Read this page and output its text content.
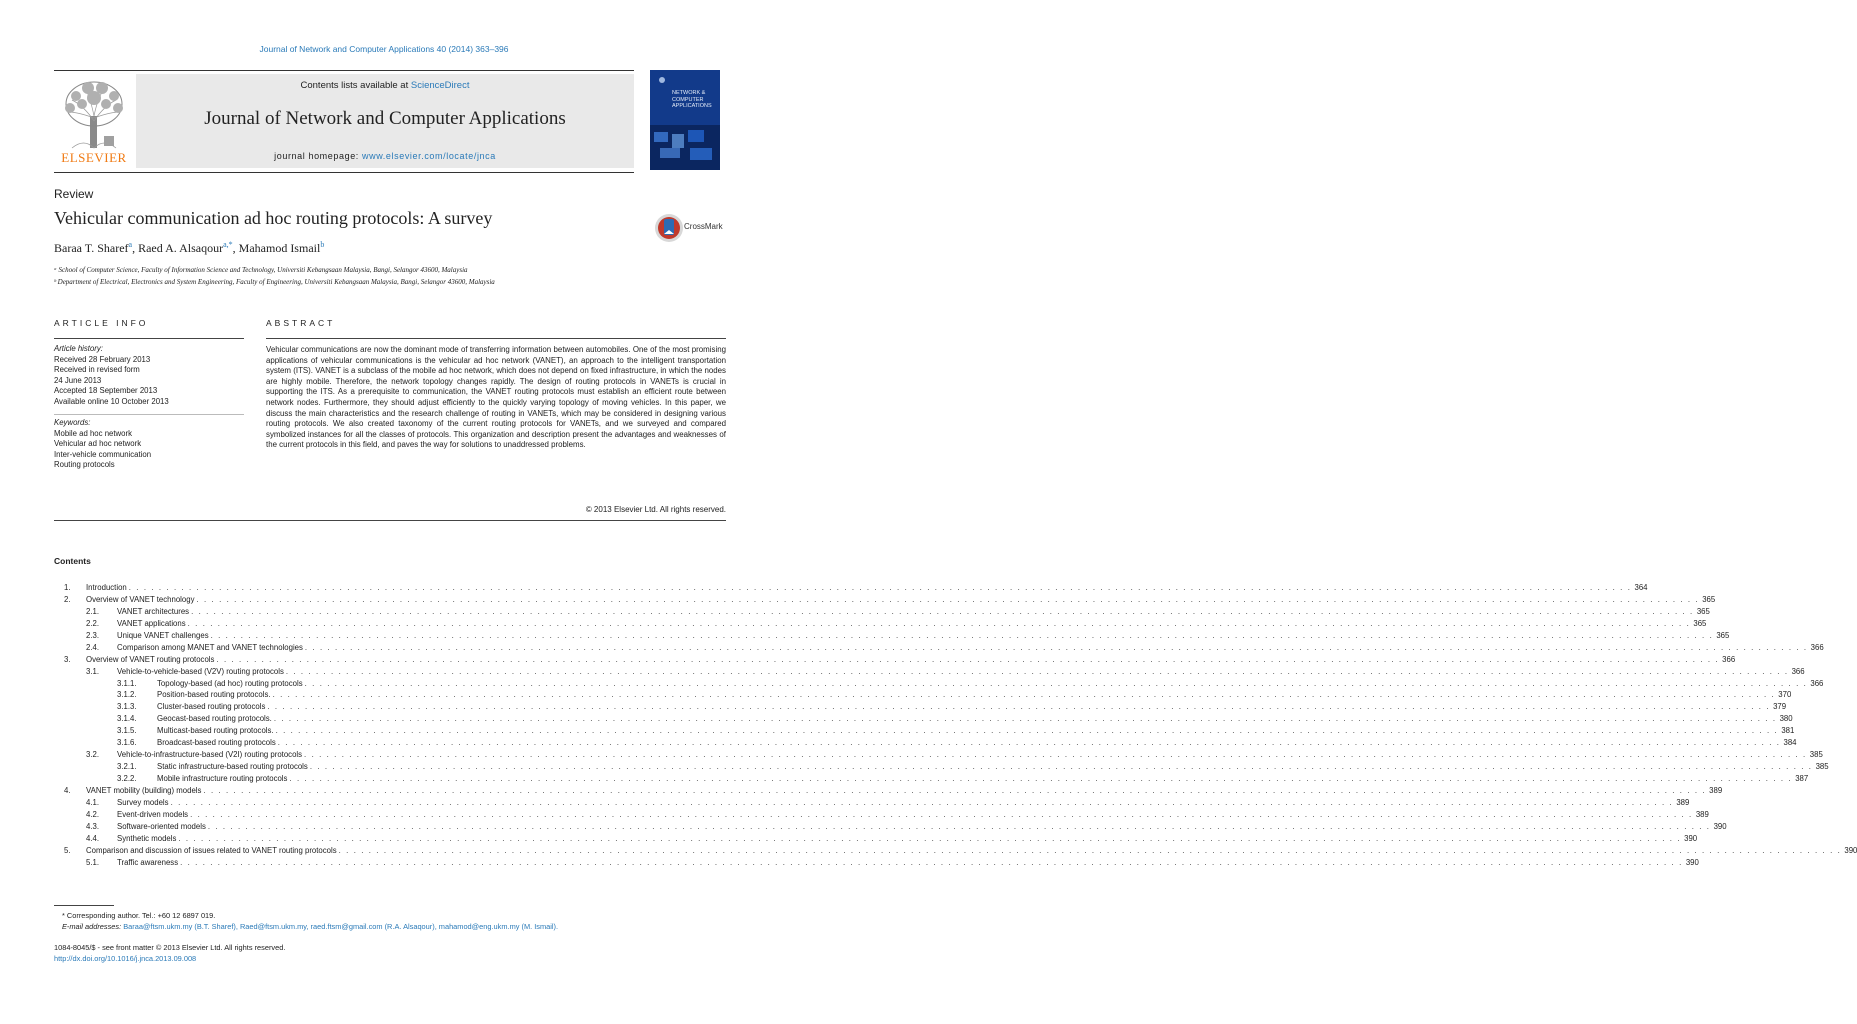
Journal of Network and Computer Applications 40 (2014) 363–396
ELSEVIER
Contents lists available at ScienceDirect
Journal of Network and Computer Applications
journal homepage: www.elsevier.com/locate/jnca
NETWORK &
COMPUTER
APPLICATIONS
Review
Vehicular communication ad hoc routing protocols: A survey
Baraa T. Sharef$^a$, Raed A. Alsaqour$^{a,*}$, Mahamod Ismail$^b$
CrossMark
ᵃ School of Computer Science, Faculty of Information Science and Technology, Universiti Kebangsaan Malaysia, Bangi, Selangor 43600, Malaysia
ᵇ Department of Electrical, Electronics and System Engineering, Faculty of Engineering, Universiti Kebangsaan Malaysia, Bangi, Selangor 43600, Malaysia
ARTICLE INFO	ABSTRACT
Article history:
Received 28 February 2013
Received in revised form
24 June 2013
Accepted 18 September 2013
Available online 10 October 2013
Keywords:
Mobile ad hoc network
Vehicular ad hoc network
Inter-vehicle communication
Routing protocols
Vehicular communications are now the dominant mode of transferring information between automobiles. One of the most promising applications of vehicular communications is the vehicular ad hoc network (VANET), an approach to the intelligent transportation system (ITS). VANET is a subclass of the mobile ad hoc network, which does not depend on fixed infrastructure, in which the nodes are highly mobile. Therefore, the network topology changes rapidly. The design of routing protocols in VANETs is crucial in supporting the ITS. As a prerequisite to communication, the VANET routing protocols must establish an efficient route between network nodes. Furthermore, they should adjust efficiently to the quickly varying topology of moving vehicles. In this paper, we discuss the main characteristics and the research challenge of routing in VANETs, which may be considered in designing various routing protocols. We also created taxonomy of the current routing protocols for VANETs, and we surveyed and compared symbolized instances for all the classes of protocols. This organization and description present the advantages and weaknesses of the current protocols in this field, and paves the way for solutions to unaddressed problems.
© 2013 Elsevier Ltd. All rights reserved.
Contents
1. Introduction . . . . . . . . . . . . . . . . . . . . . . . . . . . . . . . . . . . . . . . . . . . . . . . . . . . . . . . . . . . . . . . . . . . . . . . . . . . . . . . . . . . . . . . . . . . . . . . . . . . . . . . . . . . . . . . . . . . . . . . . . . . . . . . . . . . . . . . . . . . . . . . . . . . . . . . . . . . . . . . . . . . . . . . . . . . . . . . . . . . . . . . . . . . . . . . . . . . . . . . . 364
2. Overview of VANET technology . . . . . . . . . . . . . . . . . . . . . . . . . . . . . . . . . . . . . . . . . . . . . . . . . . . . . . . . . . . . . . . . . . . . . . . . . . . . . . . . . . . . . . . . . . . . . . . . . . . . . . . . . . . . . . . . . . . . . . . . . . . . . . . . . . . . . . . . . . . . . . . . . . . . . . . . . . . . . . . . . . . . . . . . . . . . . . . . . . . . . . . . . . . . . . . . . . . . . . . . 365
2.1. VANET architectures . . . . . . . . . . . . . . . . . . . . . . . . . . . . . . . . . . . . . . . . . . . . . . . . . . . . . . . . . . . . . . . . . . . . . . . . . . . . . . . . . . . . . . . . . . . . . . . . . . . . . . . . . . . . . . . . . . . . . . . . . . . . . . . . . . . . . . . . . . . . . . . . . . . . . . . . . . . . . . . . . . . . . . . . . . . . . . . . . . . . . . . . . . . . . . . . . . . . . . . . 365
2.2. VANET applications . . . . . . . . . . . . . . . . . . . . . . . . . . . . . . . . . . . . . . . . . . . . . . . . . . . . . . . . . . . . . . . . . . . . . . . . . . . . . . . . . . . . . . . . . . . . . . . . . . . . . . . . . . . . . . . . . . . . . . . . . . . . . . . . . . . . . . . . . . . . . . . . . . . . . . . . . . . . . . . . . . . . . . . . . . . . . . . . . . . . . . . . . . . . . . . . . . . . . . . . 365
2.3. Unique VANET challenges . . . . . . . . . . . . . . . . . . . . . . . . . . . . . . . . . . . . . . . . . . . . . . . . . . . . . . . . . . . . . . . . . . . . . . . . . . . . . . . . . . . . . . . . . . . . . . . . . . . . . . . . . . . . . . . . . . . . . . . . . . . . . . . . . . . . . . . . . . . . . . . . . . . . . . . . . . . . . . . . . . . . . . . . . . . . . . . . . . . . . . . . . . . . . . . . . . . . . . . . 365
2.4. Comparison among MANET and VANET technologies . . . . . . . . . . . . . . . . . . . . . . . . . . . . . . . . . . . . . . . . . . . . . . . . . . . . . . . . . . . . . . . . . . . . . . . . . . . . . . . . . . . . . . . . . . . . . . . . . . . . . . . . . . . . . . . . . . . . . . . . . . . . . . . . . . . . . . . . . . . . . . . . . . . . . . . . . . . . . . . . . . . . . . . . . . . . . . . . . . . . . . . . . . . . . . . . . . . . . . . . 366
3. Overview of VANET routing protocols . . . . . . . . . . . . . . . . . . . . . . . . . . . . . . . . . . . . . . . . . . . . . . . . . . . . . . . . . . . . . . . . . . . . . . . . . . . . . . . . . . . . . . . . . . . . . . . . . . . . . . . . . . . . . . . . . . . . . . . . . . . . . . . . . . . . . . . . . . . . . . . . . . . . . . . . . . . . . . . . . . . . . . . . . . . . . . . . . . . . . . . . . . . . . . . . . . . . . . . . 366
3.1. Vehicle-to-vehicle-based (V2V) routing protocols . . . . . . . . . . . . . . . . . . . . . . . . . . . . . . . . . . . . . . . . . . . . . . . . . . . . . . . . . . . . . . . . . . . . . . . . . . . . . . . . . . . . . . . . . . . . . . . . . . . . . . . . . . . . . . . . . . . . . . . . . . . . . . . . . . . . . . . . . . . . . . . . . . . . . . . . . . . . . . . . . . . . . . . . . . . . . . . . . . . . . . . . . . . . . . . . . . . . . . . . 366
3.1.1.	Topology-based (ad hoc) routing protocols . . . . . . . . . . . . . . . . . . . . . . . . . . . . . . . . . . . . . . . . . . . . . . . . . . . . . . . . . . . . . . . . . . . . . . . . . . . . . . . . . . . . . . . . . . . . . . . . . . . . . . . . . . . . . . . . . . . . . . . . . . . . . . . . . . . . . . . . . . . . . . . . . . . . . . . . . . . . . . . . . . . . . . . . . . . . . . . . . . . . . . . . . . . . . . . . . . . . . . . . 366
3.1.2.	Position-based routing protocols. . . . . . . . . . . . . . . . . . . . . . . . . . . . . . . . . . . . . . . . . . . . . . . . . . . . . . . . . . . . . . . . . . . . . . . . . . . . . . . . . . . . . . . . . . . . . . . . . . . . . . . . . . . . . . . . . . . . . . . . . . . . . . . . . . . . . . . . . . . . . . . . . . . . . . . . . . . . . . . . . . . . . . . . . . . . . . . . . . . . . . . . . . . . . . . . . . . . . . . . . 370
3.1.3.	Cluster-based routing protocols . . . . . . . . . . . . . . . . . . . . . . . . . . . . . . . . . . . . . . . . . . . . . . . . . . . . . . . . . . . . . . . . . . . . . . . . . . . . . . . . . . . . . . . . . . . . . . . . . . . . . . . . . . . . . . . . . . . . . . . . . . . . . . . . . . . . . . . . . . . . . . . . . . . . . . . . . . . . . . . . . . . . . . . . . . . . . . . . . . . . . . . . . . . . . . . . . . . . . . . . 379
3.1.4.	Geocast-based routing protocols. . . . . . . . . . . . . . . . . . . . . . . . . . . . . . . . . . . . . . . . . . . . . . . . . . . . . . . . . . . . . . . . . . . . . . . . . . . . . . . . . . . . . . . . . . . . . . . . . . . . . . . . . . . . . . . . . . . . . . . . . . . . . . . . . . . . . . . . . . . . . . . . . . . . . . . . . . . . . . . . . . . . . . . . . . . . . . . . . . . . . . . . . . . . . . . . . . . . . . . . . 380
3.1.5.	Multicast-based routing protocols. . . . . . . . . . . . . . . . . . . . . . . . . . . . . . . . . . . . . . . . . . . . . . . . . . . . . . . . . . . . . . . . . . . . . . . . . . . . . . . . . . . . . . . . . . . . . . . . . . . . . . . . . . . . . . . . . . . . . . . . . . . . . . . . . . . . . . . . . . . . . . . . . . . . . . . . . . . . . . . . . . . . . . . . . . . . . . . . . . . . . . . . . . . . . . . . . . . . . . . . . 381
3.1.6.	Broadcast-based routing protocols . . . . . . . . . . . . . . . . . . . . . . . . . . . . . . . . . . . . . . . . . . . . . . . . . . . . . . . . . . . . . . . . . . . . . . . . . . . . . . . . . . . . . . . . . . . . . . . . . . . . . . . . . . . . . . . . . . . . . . . . . . . . . . . . . . . . . . . . . . . . . . . . . . . . . . . . . . . . . . . . . . . . . . . . . . . . . . . . . . . . . . . . . . . . . . . . . . . . . . . . 384
3.2. Vehicle-to-infrastructure-based (V2I) routing protocols . . . . . . . . . . . . . . . . . . . . . . . . . . . . . . . . . . . . . . . . . . . . . . . . . . . . . . . . . . . . . . . . . . . . . . . . . . . . . . . . . . . . . . . . . . . . . . . . . . . . . . . . . . . . . . . . . . . . . . . . . . . . . . . . . . . . . . . . . . . . . . . . . . . . . . . . . . . . . . . . . . . . . . . . . . . . . . . . . . . . . . . . . . . . . . . . . . . . . . . . 385
3.2.1.	Static infrastructure-based routing protocols . . . . . . . . . . . . . . . . . . . . . . . . . . . . . . . . . . . . . . . . . . . . . . . . . . . . . . . . . . . . . . . . . . . . . . . . . . . . . . . . . . . . . . . . . . . . . . . . . . . . . . . . . . . . . . . . . . . . . . . . . . . . . . . . . . . . . . . . . . . . . . . . . . . . . . . . . . . . . . . . . . . . . . . . . . . . . . . . . . . . . . . . . . . . . . . . . . . . . . . . 385
3.2.2.	Mobile infrastructure routing protocols . . . . . . . . . . . . . . . . . . . . . . . . . . . . . . . . . . . . . . . . . . . . . . . . . . . . . . . . . . . . . . . . . . . . . . . . . . . . . . . . . . . . . . . . . . . . . . . . . . . . . . . . . . . . . . . . . . . . . . . . . . . . . . . . . . . . . . . . . . . . . . . . . . . . . . . . . . . . . . . . . . . . . . . . . . . . . . . . . . . . . . . . . . . . . . . . . . . . . . . . 387
4. VANET mobility (building) models . . . . . . . . . . . . . . . . . . . . . . . . . . . . . . . . . . . . . . . . . . . . . . . . . . . . . . . . . . . . . . . . . . . . . . . . . . . . . . . . . . . . . . . . . . . . . . . . . . . . . . . . . . . . . . . . . . . . . . . . . . . . . . . . . . . . . . . . . . . . . . . . . . . . . . . . . . . . . . . . . . . . . . . . . . . . . . . . . . . . . . . . . . . . . . . . . . . . . . . . 389
4.1. Survey models . . . . . . . . . . . . . . . . . . . . . . . . . . . . . . . . . . . . . . . . . . . . . . . . . . . . . . . . . . . . . . . . . . . . . . . . . . . . . . . . . . . . . . . . . . . . . . . . . . . . . . . . . . . . . . . . . . . . . . . . . . . . . . . . . . . . . . . . . . . . . . . . . . . . . . . . . . . . . . . . . . . . . . . . . . . . . . . . . . . . . . . . . . . . . . . . . . . . . . . . 389
4.2. Event-driven models . . . . . . . . . . . . . . . . . . . . . . . . . . . . . . . . . . . . . . . . . . . . . . . . . . . . . . . . . . . . . . . . . . . . . . . . . . . . . . . . . . . . . . . . . . . . . . . . . . . . . . . . . . . . . . . . . . . . . . . . . . . . . . . . . . . . . . . . . . . . . . . . . . . . . . . . . . . . . . . . . . . . . . . . . . . . . . . . . . . . . . . . . . . . . . . . . . . . . . . . 389
4.3. Software-oriented models . . . . . . . . . . . . . . . . . . . . . . . . . . . . . . . . . . . . . . . . . . . . . . . . . . . . . . . . . . . . . . . . . . . . . . . . . . . . . . . . . . . . . . . . . . . . . . . . . . . . . . . . . . . . . . . . . . . . . . . . . . . . . . . . . . . . . . . . . . . . . . . . . . . . . . . . . . . . . . . . . . . . . . . . . . . . . . . . . . . . . . . . . . . . . . . . . . . . . . . . 390
4.4. Synthetic models . . . . . . . . . . . . . . . . . . . . . . . . . . . . . . . . . . . . . . . . . . . . . . . . . . . . . . . . . . . . . . . . . . . . . . . . . . . . . . . . . . . . . . . . . . . . . . . . . . . . . . . . . . . . . . . . . . . . . . . . . . . . . . . . . . . . . . . . . . . . . . . . . . . . . . . . . . . . . . . . . . . . . . . . . . . . . . . . . . . . . . . . . . . . . . . . . . . . . . . . 390
5. Comparison and discussion of issues related to VANET routing protocols . . . . . . . . . . . . . . . . . . . . . . . . . . . . . . . . . . . . . . . . . . . . . . . . . . . . . . . . . . . . . . . . . . . . . . . . . . . . . . . . . . . . . . . . . . . . . . . . . . . . . . . . . . . . . . . . . . . . . . . . . . . . . . . . . . . . . . . . . . . . . . . . . . . . . . . . . . . . . . . . . . . . . . . . . . . . . . . . . . . . . . . . . . . . . . . . . . . . . . . . 390
5.1. Traffic awareness . . . . . . . . . . . . . . . . . . . . . . . . . . . . . . . . . . . . . . . . . . . . . . . . . . . . . . . . . . . . . . . . . . . . . . . . . . . . . . . . . . . . . . . . . . . . . . . . . . . . . . . . . . . . . . . . . . . . . . . . . . . . . . . . . . . . . . . . . . . . . . . . . . . . . . . . . . . . . . . . . . . . . . . . . . . . . . . . . . . . . . . . . . . . . . . . . . . . . . . . 390
* Corresponding author. Tel.: +60 12 6897 019.
E-mail addresses: Baraa@ftsm.ukm.my (B.T. Sharef), Raed@ftsm.ukm.my, raed.ftsm@gmail.com (R.A. Alsaqour), mahamod@eng.ukm.my (M. Ismail).
1084-8045/$ - see front matter © 2013 Elsevier Ltd. All rights reserved.
http://dx.doi.org/10.1016/j.jnca.2013.09.008
